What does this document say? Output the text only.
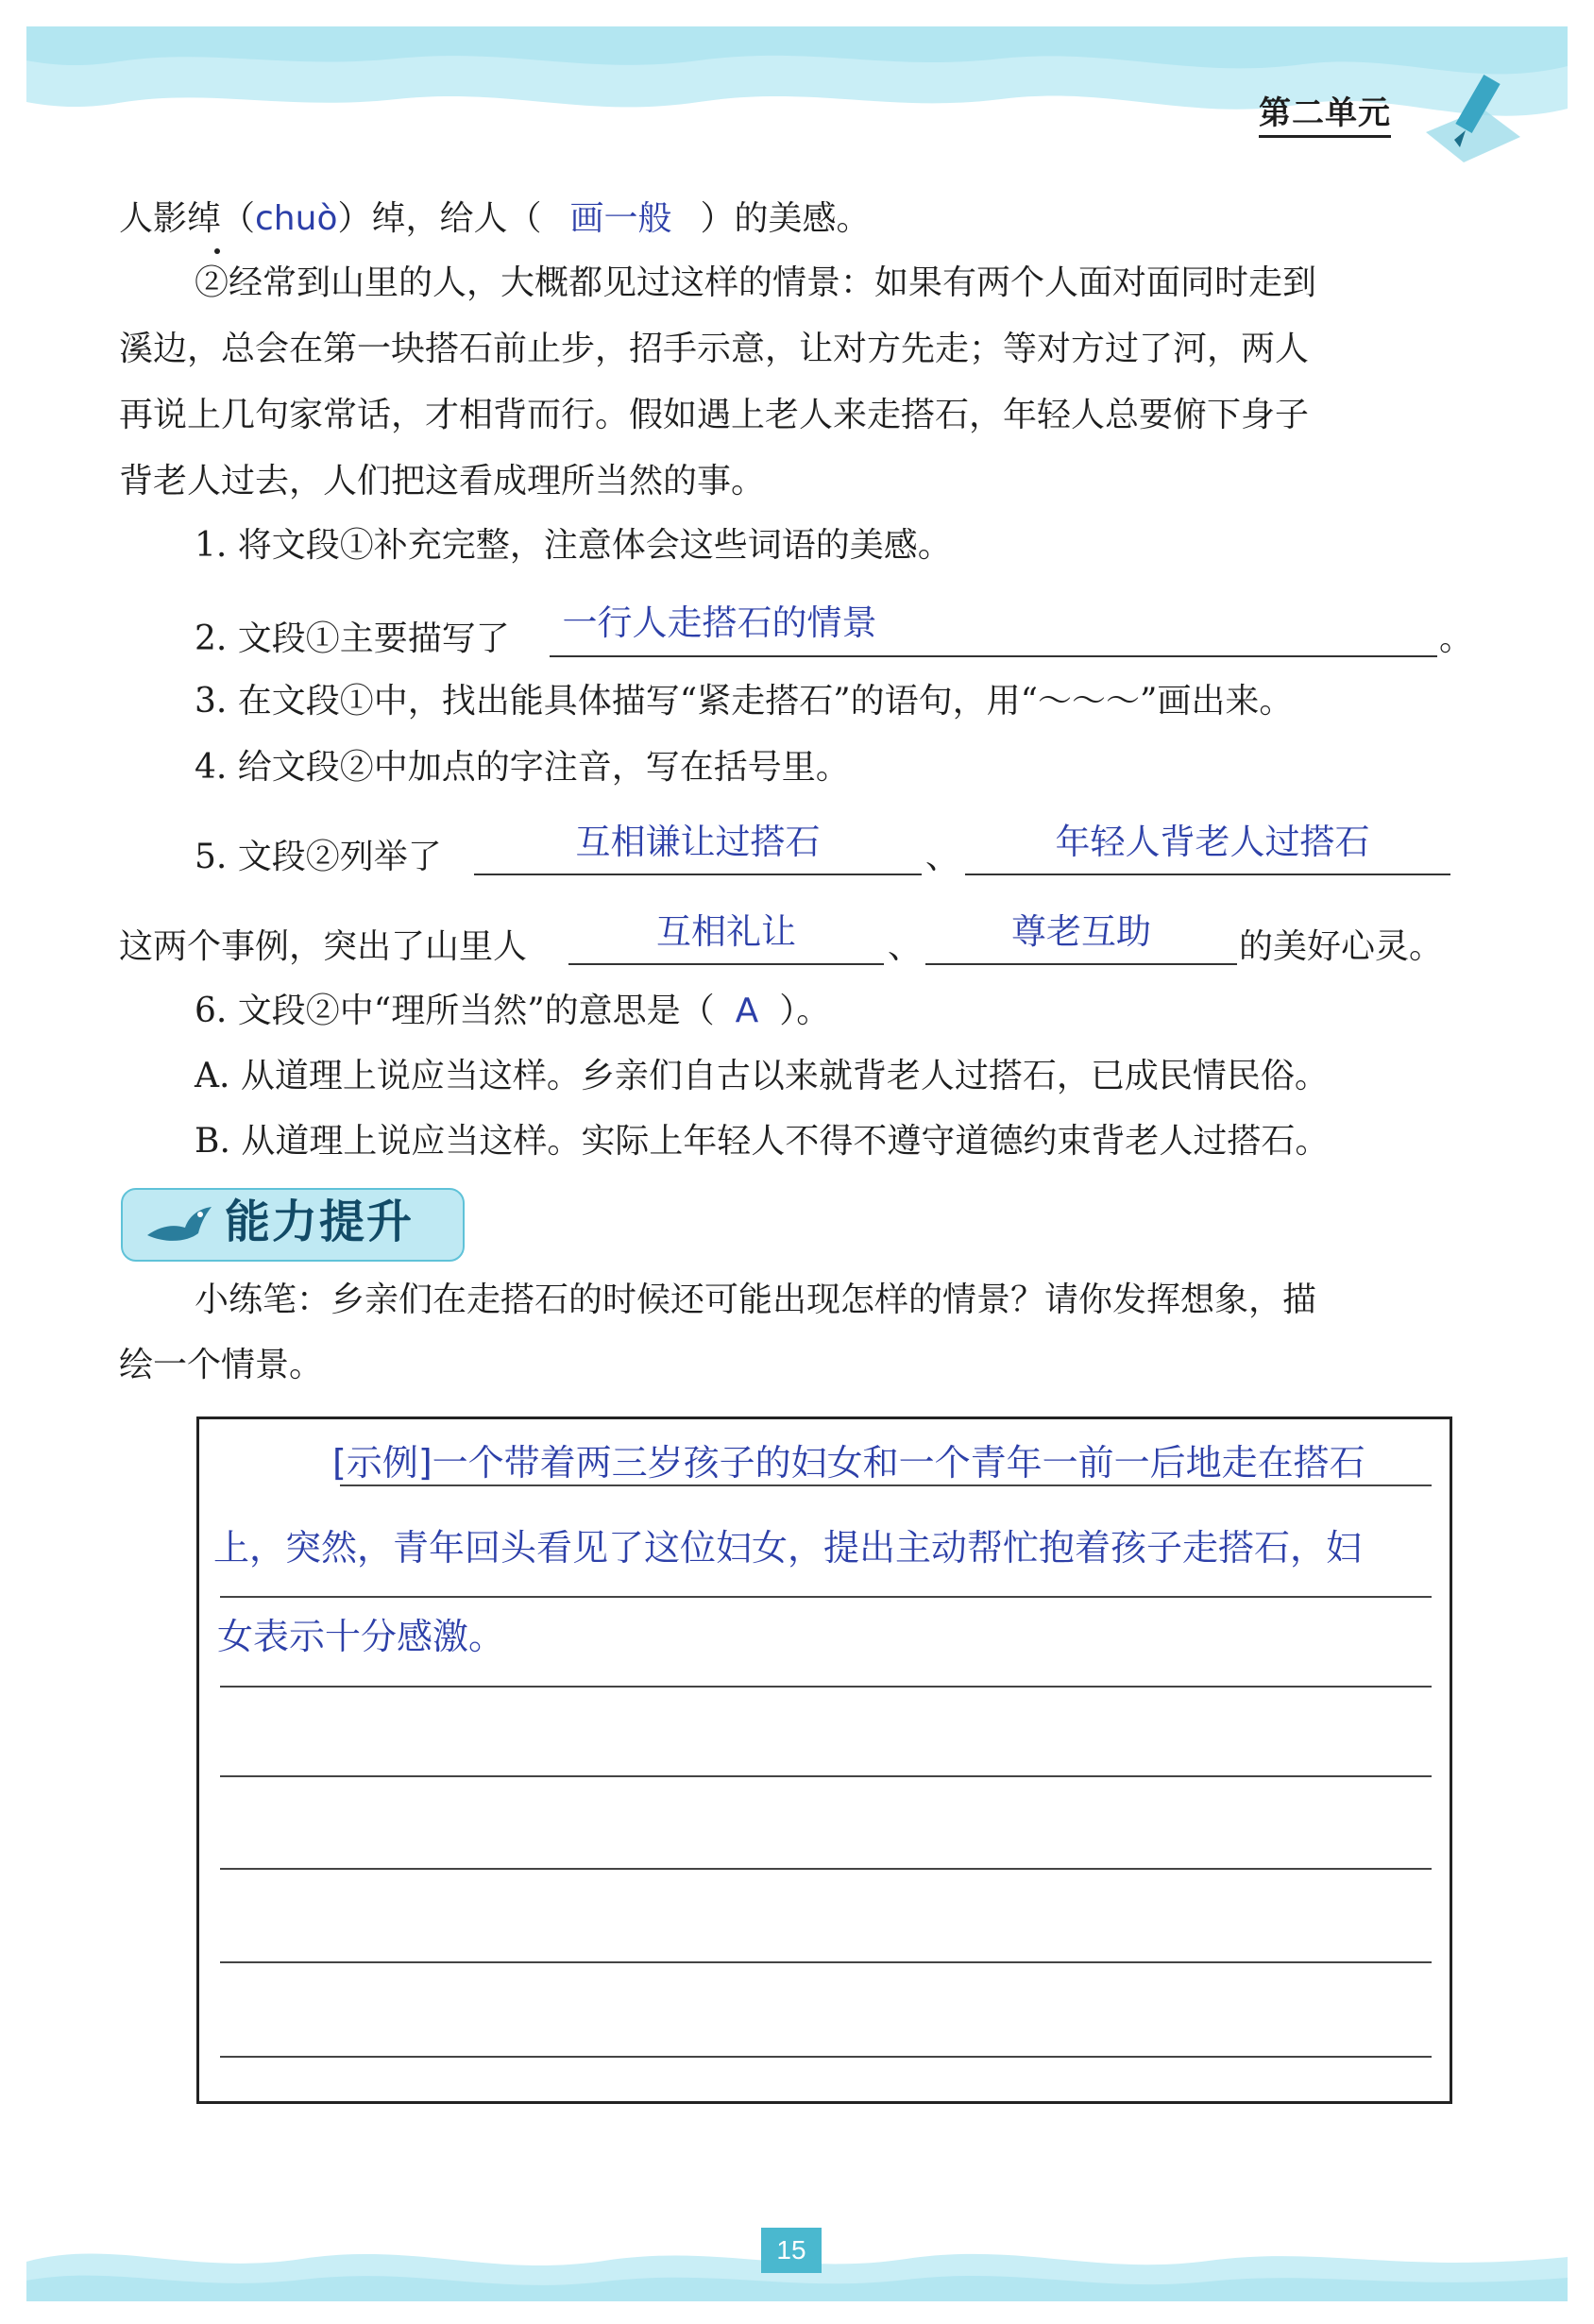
第二单元
人影绰（chuò）绰，给人（ 画一般 ）的美感。
②经常到山里的人，大概都见过这样的情景：如果有两个人面对面同时走到
溪边，总会在第一块搭石前止步，招手示意，让对方先走；等对方过了河，两人
再说上几句家常话，才相背而行。假如遇上老人来走搭石，年轻人总要俯下身子
背老人过去，人们把这看成理所当然的事。
1. 将文段①补充完整，注意体会这些词语的美感。
2. 文段①主要描写了	一行人走搭石的情景	。
3. 在文段①中，找出能具体描写“紧走搭石”的语句，用“～～～”画出来。
4. 给文段②中加点的字注音，写在括号里。
5. 文段②列举了	互相谦让过搭石	、	年轻人背老人过搭石
这两个事例，突出了山里人	互相礼让	、	尊老互助	的美好心灵。
6. 文段②中“理所当然”的意思是（ A ）。
A. 从道理上说应当这样。乡亲们自古以来就背老人过搭石，已成民情民俗。
B. 从道理上说应当这样。实际上年轻人不得不遵守道德约束背老人过搭石。
能力提升
小练笔：乡亲们在走搭石的时候还可能出现怎样的情景？请你发挥想象，描
绘一个情景。
[示例]一个带着两三岁孩子的妇女和一个青年一前一后地走在搭石
上，突然，青年回头看见了这位妇女，提出主动帮忙抱着孩子走搭石，妇
女表示十分感激。
15
